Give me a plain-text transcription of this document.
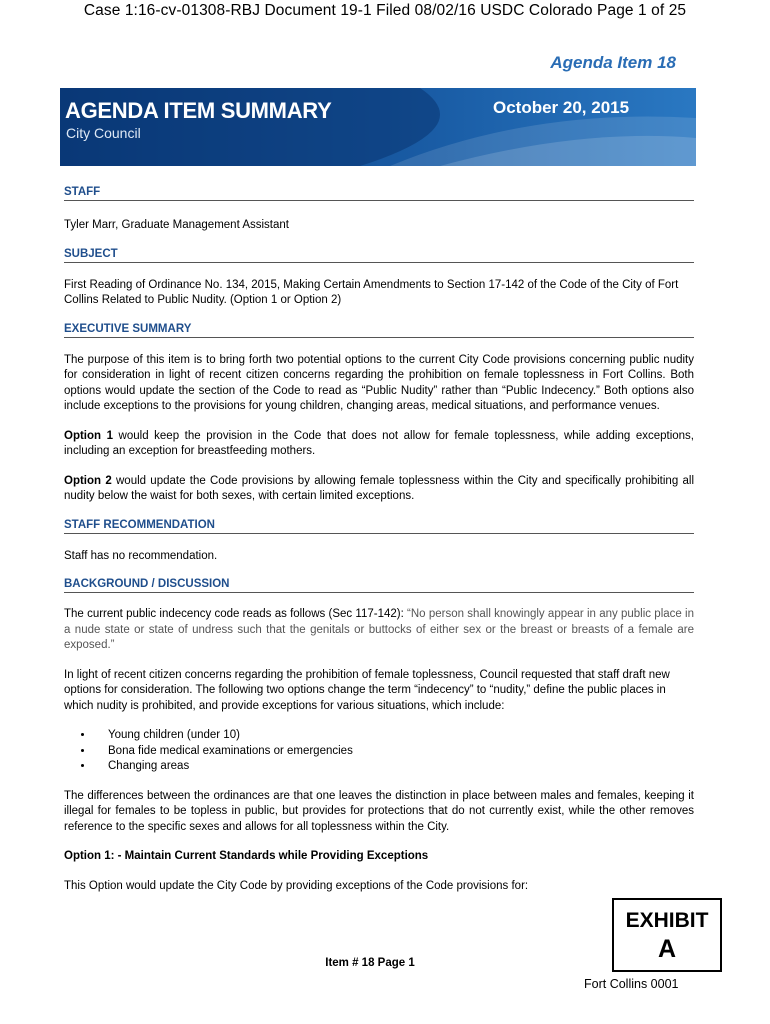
Case 1:16-cv-01308-RBJ Document 19-1 Filed 08/02/16 USDC Colorado Page 1 of 25
Agenda Item 18
AGENDA ITEM SUMMARY
City Council
October 20, 2015
STAFF

Tyler Marr, Graduate Management Assistant

SUBJECT

First Reading of Ordinance No. 134, 2015, Making Certain Amendments to Section 17-142 of the Code of the City of Fort Collins Related to Public Nudity. (Option 1 or Option 2)

EXECUTIVE SUMMARY

The purpose of this item is to bring forth two potential options to the current City Code provisions concerning public nudity for consideration in light of recent citizen concerns regarding the prohibition on female toplessness in Fort Collins. Both options would update the section of the Code to read as “Public Nudity” rather than “Public Indecency.” Both options also include exceptions to the provisions for young children, changing areas, medical situations, and performance venues.

Option 1 would keep the provision in the Code that does not allow for female toplessness, while adding exceptions, including an exception for breastfeeding mothers.

Option 2 would update the Code provisions by allowing female toplessness within the City and specifically prohibiting all nudity below the waist for both sexes, with certain limited exceptions.

STAFF RECOMMENDATION

Staff has no recommendation.

BACKGROUND / DISCUSSION

The current public indecency code reads as follows (Sec 117-142): “No person shall knowingly appear in any public place in a nude state or state of undress such that the genitals or buttocks of either sex or the breast or breasts of a female are exposed.”

In light of recent citizen concerns regarding the prohibition of female toplessness, Council requested that staff draft new options for consideration. The following two options change the term “indecency” to “nudity,” define the public places in which nudity is prohibited, and provide exceptions for various situations, which include:

• Young children (under 10)
• Bona fide medical examinations or emergencies
• Changing areas

The differences between the ordinances are that one leaves the distinction in place between males and females, keeping it illegal for females to be topless in public, but provides for protections that do not currently exist, while the other removes reference to the specific sexes and allows for all toplessness within the City.

Option 1: - Maintain Current Standards while Providing Exceptions

This Option would update the City Code by providing exceptions of the Code provisions for:

EXHIBIT
A
Item # 18 Page 1
Fort Collins 0001
